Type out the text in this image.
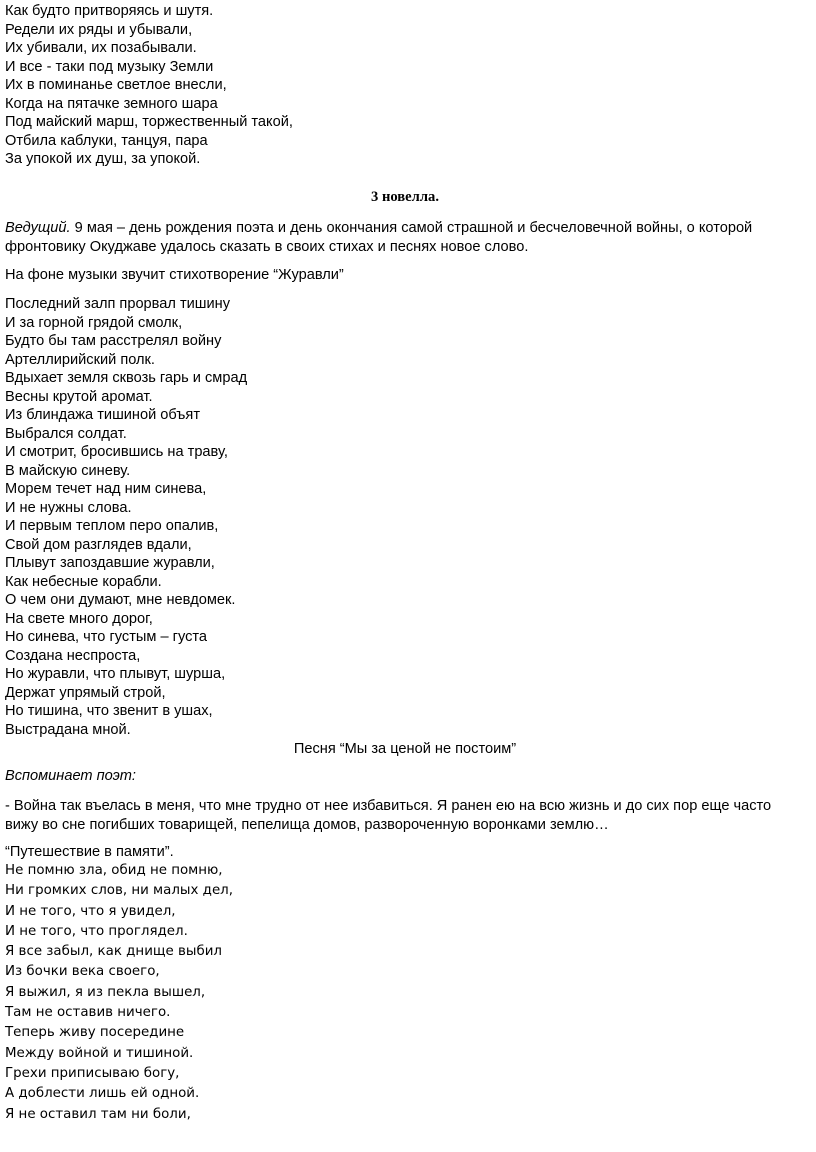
Как будто притворяясь и шутя.
Редели их ряды и убывали,
Их убивали, их позабывали.
И все - таки под музыку Земли
Их в поминанье светлое внесли,
Когда на пятачке земного шара
Под майский марш, торжественный такой,
Отбила каблуки, танцуя, пара
За упокой их душ, за упокой.
3 новелла.
Ведущий. 9 мая – день рождения поэта и день окончания самой страшной и бесчеловечной войны, о которой фронтовику Окуджаве удалось сказать в своих стихах и песнях новое слово.
На фоне музыки звучит стихотворение “Журавли”
Последний залп прорвал тишину
И за горной грядой смолк,
Будто бы там расстрелял войну
Артеллирийский полк.
Вдыхает земля сквозь гарь и смрад
Весны крутой аромат.
Из блиндажа тишиной объят
Выбрался солдат.
И смотрит, бросившись на траву,
В майскую синеву.
Морем течет над ним синева,
И не нужны слова.
И первым теплом перо опалив,
Свой дом разглядев вдали,
Плывут запоздавшие журавли,
Как небесные корабли.
О чем они думают, мне невдомек.
На свете много дорог,
Но синева, что густым – густа
Создана неспроста,
Но журавли, что плывут, шурша,
Держат упрямый строй,
Но тишина, что звенит в ушах,
Выстрадана мной.
Песня “Мы за ценой не постоим”
Вспоминает поэт:
- Война так въелась в меня, что мне трудно от нее избавиться. Я ранен ею на всю жизнь и до сих пор еще часто вижу во сне погибших товарищей, пепелища домов, развороченную воронками землю…
“Путешествие в памяти”.
Не помню зла, обид не помню,
Ни громких слов, ни малых дел,
И не того, что я увидел,
И не того, что проглядел.
Я все забыл, как днище выбил
Из бочки века своего,
Я выжил, я из пекла вышел,
Там не оставив ничего.
Теперь живу посередине
Между войной и тишиной.
Грехи приписываю богу,
А доблести лишь ей одной.
Я не оставил там ни боли,
